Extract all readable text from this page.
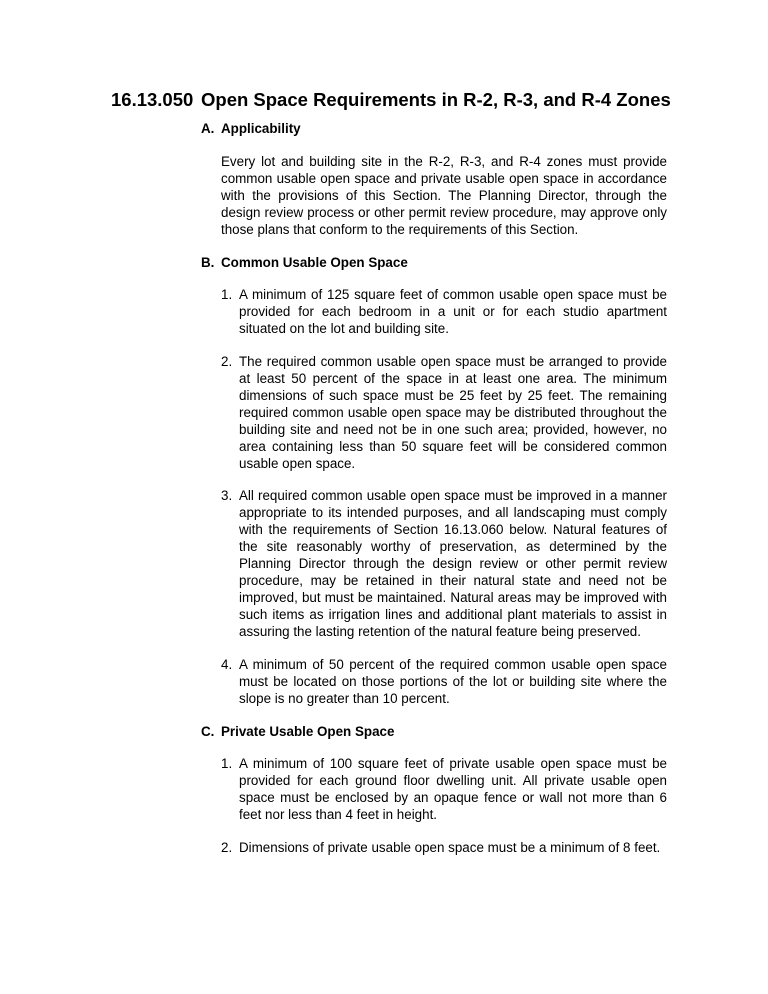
16.13.050 Open Space Requirements in R-2, R-3, and R-4 Zones
A. Applicability

Every lot and building site in the R-2, R-3, and R-4 zones must provide common usable open space and private usable open space in accordance with the provisions of this Section. The Planning Director, through the design review process or other permit review procedure, may approve only those plans that conform to the requirements of this Section.

B. Common Usable Open Space
1. A minimum of 125 square feet of common usable open space must be provided for each bedroom in a unit or for each studio apartment situated on the lot and building site.
2. The required common usable open space must be arranged to provide at least 50 percent of the space in at least one area. The minimum dimensions of such space must be 25 feet by 25 feet. The remaining required common usable open space may be distributed throughout the building site and need not be in one such area; provided, however, no area containing less than 50 square feet will be considered common usable open space.
3. All required common usable open space must be improved in a manner appropriate to its intended purposes, and all landscaping must comply with the requirements of Section 16.13.060 below. Natural features of the site reasonably worthy of preservation, as determined by the Planning Director through the design review or other permit review procedure, may be retained in their natural state and need not be improved, but must be maintained. Natural areas may be improved with such items as irrigation lines and additional plant materials to assist in assuring the lasting retention of the natural feature being preserved.
4. A minimum of 50 percent of the required common usable open space must be located on those portions of the lot or building site where the slope is no greater than 10 percent.
C. Private Usable Open Space
1. A minimum of 100 square feet of private usable open space must be provided for each ground floor dwelling unit. All private usable open space must be enclosed by an opaque fence or wall not more than 6 feet nor less than 4 feet in height.
2. Dimensions of private usable open space must be a minimum of 8 feet.
